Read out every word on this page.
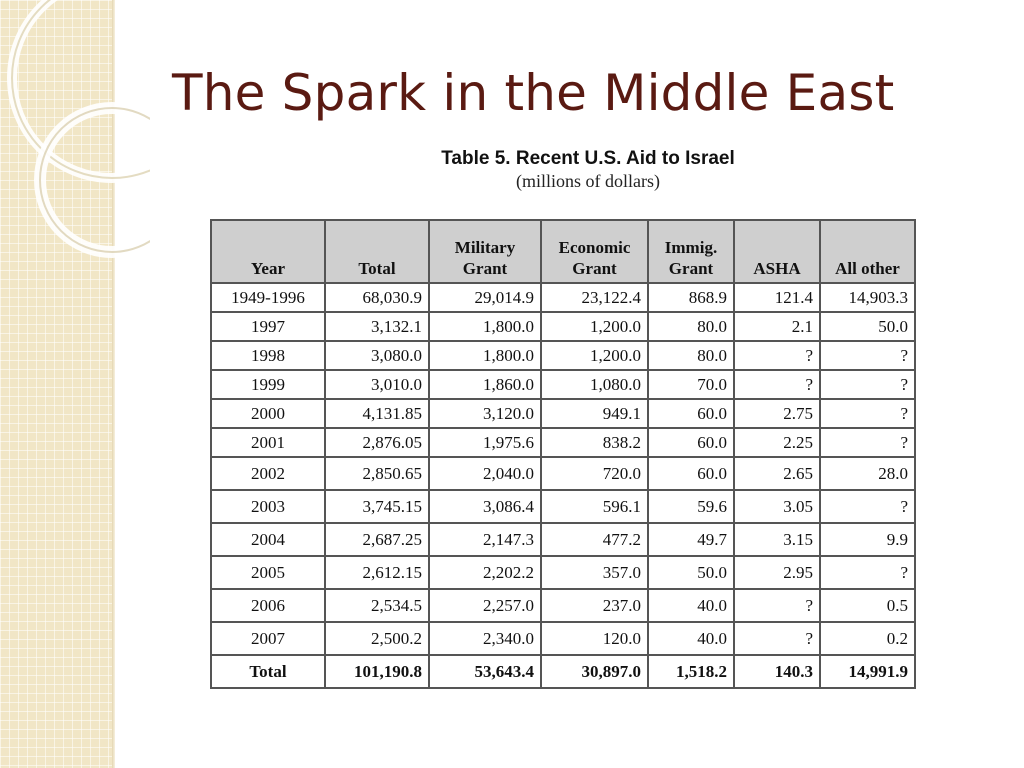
The Spark in the Middle East
Table 5. Recent U.S. Aid to Israel
(millions of dollars)
Year	Total	Military Grant	Economic Grant	Immig. Grant	ASHA	All other
1949-1996	68,030.9	29,014.9	23,122.4	868.9	121.4	14,903.3
1997	3,132.1	1,800.0	1,200.0	80.0	2.1	50.0
1998	3,080.0	1,800.0	1,200.0	80.0	?	?
1999	3,010.0	1,860.0	1,080.0	70.0	?	?
2000	4,131.85	3,120.0	949.1	60.0	2.75	?
2001	2,876.05	1,975.6	838.2	60.0	2.25	?
2002	2,850.65	2,040.0	720.0	60.0	2.65	28.0
2003	3,745.15	3,086.4	596.1	59.6	3.05	?
2004	2,687.25	2,147.3	477.2	49.7	3.15	9.9
2005	2,612.15	2,202.2	357.0	50.0	2.95	?
2006	2,534.5	2,257.0	237.0	40.0	?	0.5
2007	2,500.2	2,340.0	120.0	40.0	?	0.2
Total	101,190.8	53,643.4	30,897.0	1,518.2	140.3	14,991.9
